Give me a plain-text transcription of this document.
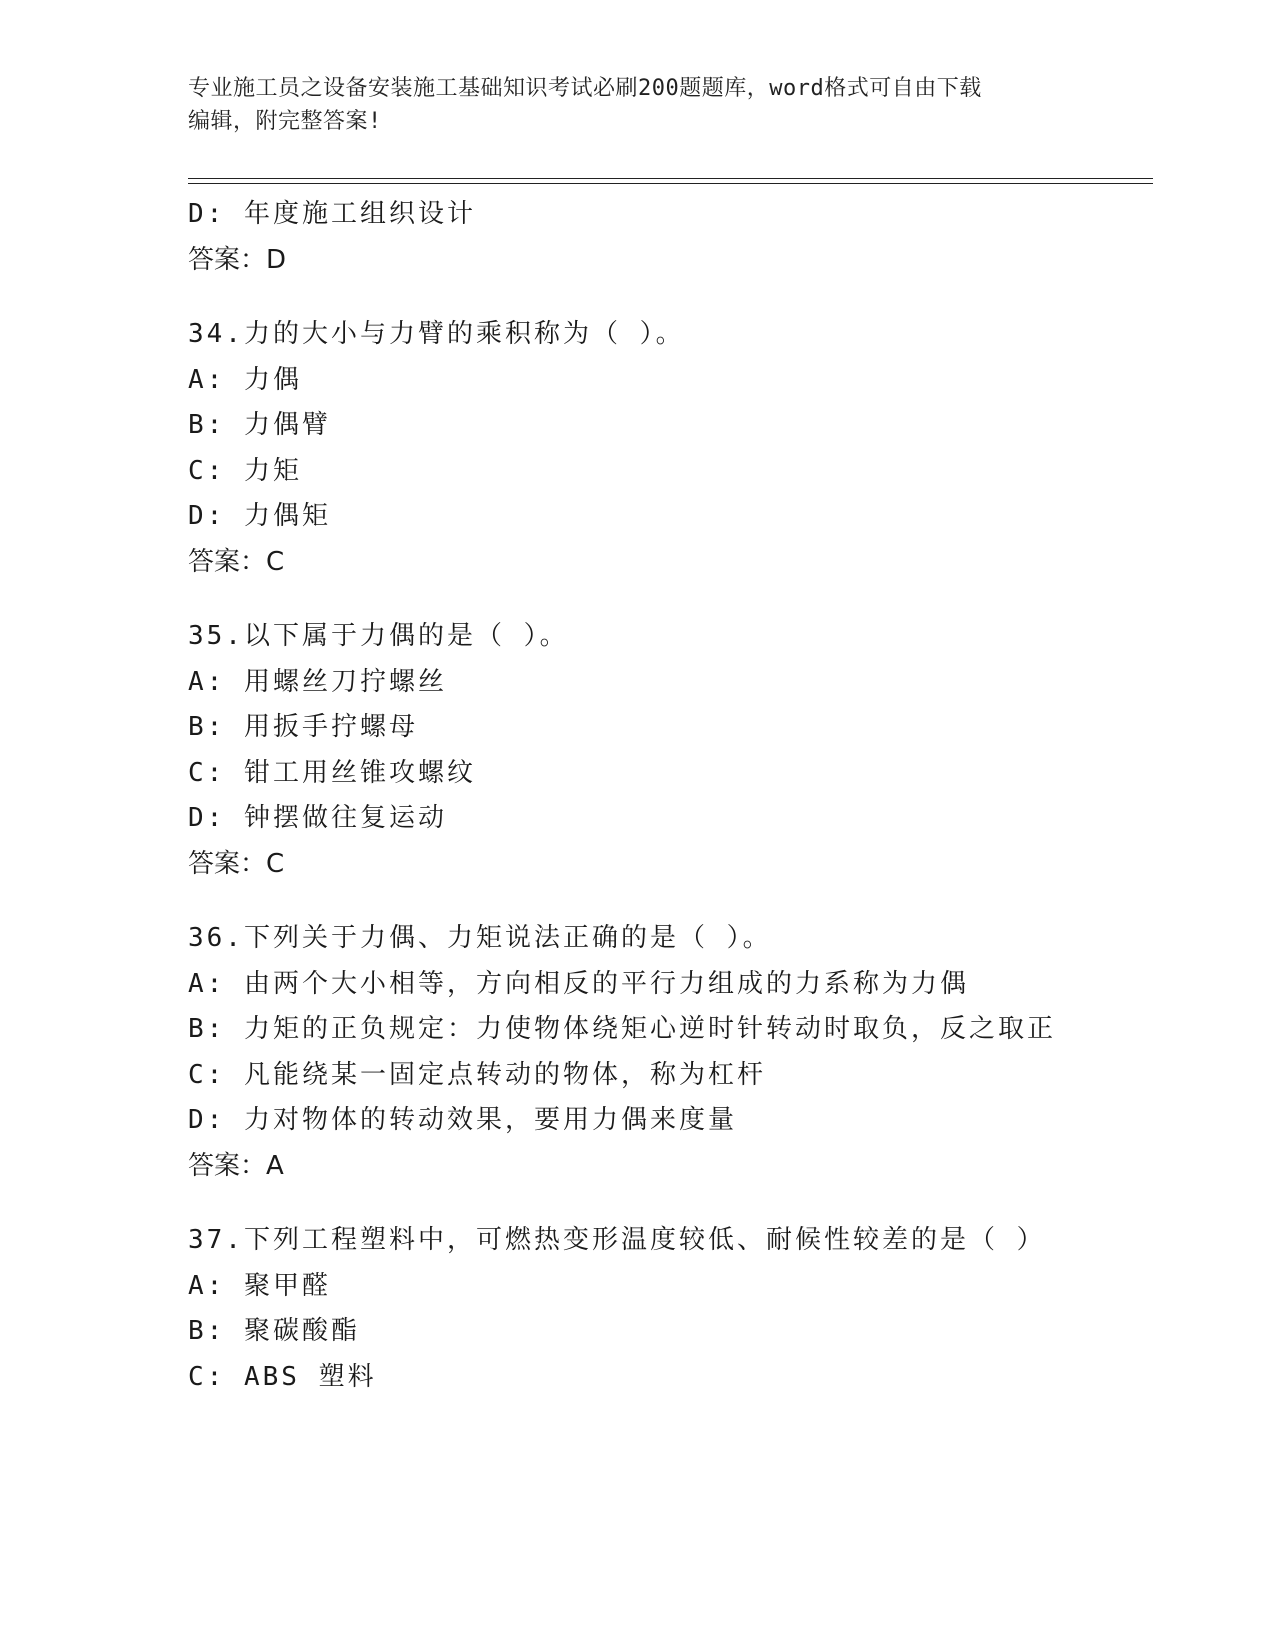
专业施工员之设备安装施工基础知识考试必刷200题题库，word格式可自由下载
编辑，附完整答案!
D: 年度施工组织设计
答案：D
34.力的大小与力臂的乘积称为（ ）。
A: 力偶
B: 力偶臂
C: 力矩
D: 力偶矩
答案：C
35.以下属于力偶的是（ ）。
A: 用螺丝刀拧螺丝
B: 用扳手拧螺母
C: 钳工用丝锥攻螺纹
D: 钟摆做往复运动
答案：C
36.下列关于力偶、力矩说法正确的是（ ）。
A: 由两个大小相等，方向相反的平行力组成的力系称为力偶
B: 力矩的正负规定：力使物体绕矩心逆时针转动时取负，反之取正
C: 凡能绕某一固定点转动的物体，称为杠杆
D: 力对物体的转动效果，要用力偶来度量
答案：A
37.下列工程塑料中，可燃热变形温度较低、耐候性较差的是（ ）
A: 聚甲醛
B: 聚碳酸酯
C: ABS 塑料
